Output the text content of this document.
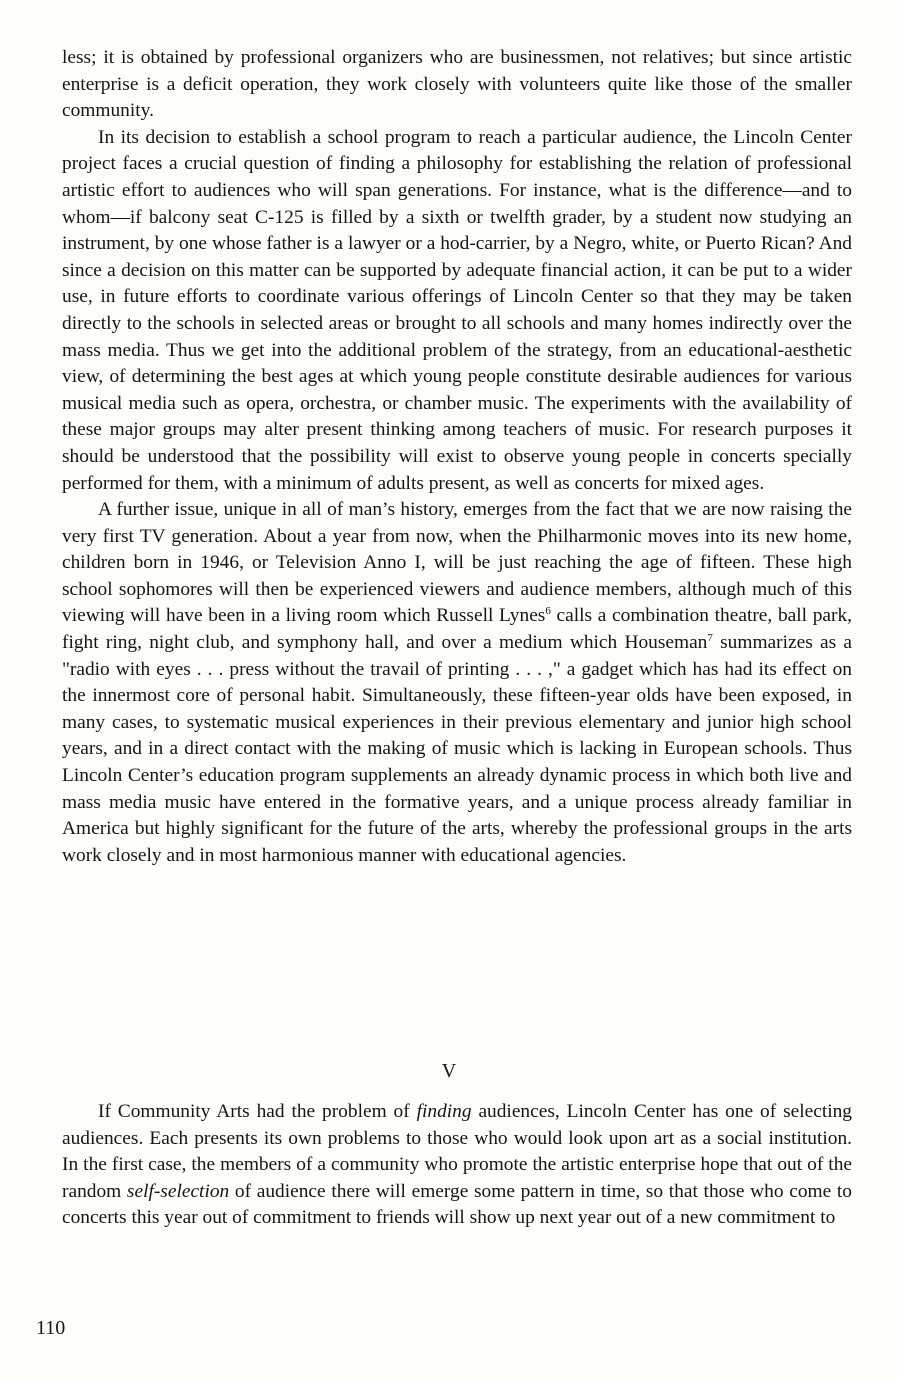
less; it is obtained by professional organizers who are businessmen, not relatives; but since artistic enterprise is a deficit operation, they work closely with volunteers quite like those of the smaller community.

In its decision to establish a school program to reach a particular audience, the Lincoln Center project faces a crucial question of finding a philosophy for establishing the relation of professional artistic effort to audiences who will span generations. For instance, what is the difference—and to whom—if balcony seat C-125 is filled by a sixth or twelfth grader, by a student now studying an instrument, by one whose father is a lawyer or a hod-carrier, by a Negro, white, or Puerto Rican? And since a decision on this matter can be supported by adequate financial action, it can be put to a wider use, in future efforts to coordinate various offerings of Lincoln Center so that they may be taken directly to the schools in selected areas or brought to all schools and many homes indirectly over the mass media. Thus we get into the additional problem of the strategy, from an educational-aesthetic view, of determining the best ages at which young people constitute desirable audiences for various musical media such as opera, orchestra, or chamber music. The experiments with the availability of these major groups may alter present thinking among teachers of music. For research purposes it should be understood that the possibility will exist to observe young people in concerts specially performed for them, with a minimum of adults present, as well as concerts for mixed ages.

A further issue, unique in all of man’s history, emerges from the fact that we are now raising the very first TV generation. About a year from now, when the Philharmonic moves into its new home, children born in 1946, or Television Anno I, will be just reaching the age of fifteen. These high school sophomores will then be experienced viewers and audience members, although much of this viewing will have been in a living room which Russell Lynes$^6$ calls a combination theatre, ball park, fight ring, night club, and symphony hall, and over a medium which Houseman$^7$ summarizes as a "radio with eyes . . . press without the travail of printing . . . ," a gadget which has had its effect on the innermost core of personal habit. Simultaneously, these fifteen-year olds have been exposed, in many cases, to systematic musical experiences in their previous elementary and junior high school years, and in a direct contact with the making of music which is lacking in European schools. Thus Lincoln Center’s education program supplements an already dynamic process in which both live and mass media music have entered in the formative years, and a unique process already familiar in America but highly significant for the future of the arts, whereby the professional groups in the arts work closely and in most harmonious manner with educational agencies.

V

If Community Arts had the problem of finding audiences, Lincoln Center has one of selecting audiences. Each presents its own problems to those who would look upon art as a social institution. In the first case, the members of a community who promote the artistic enterprise hope that out of the random self-selection of audience there will emerge some pattern in time, so that those who come to concerts this year out of commitment to friends will show up next year out of a new commitment to

110
